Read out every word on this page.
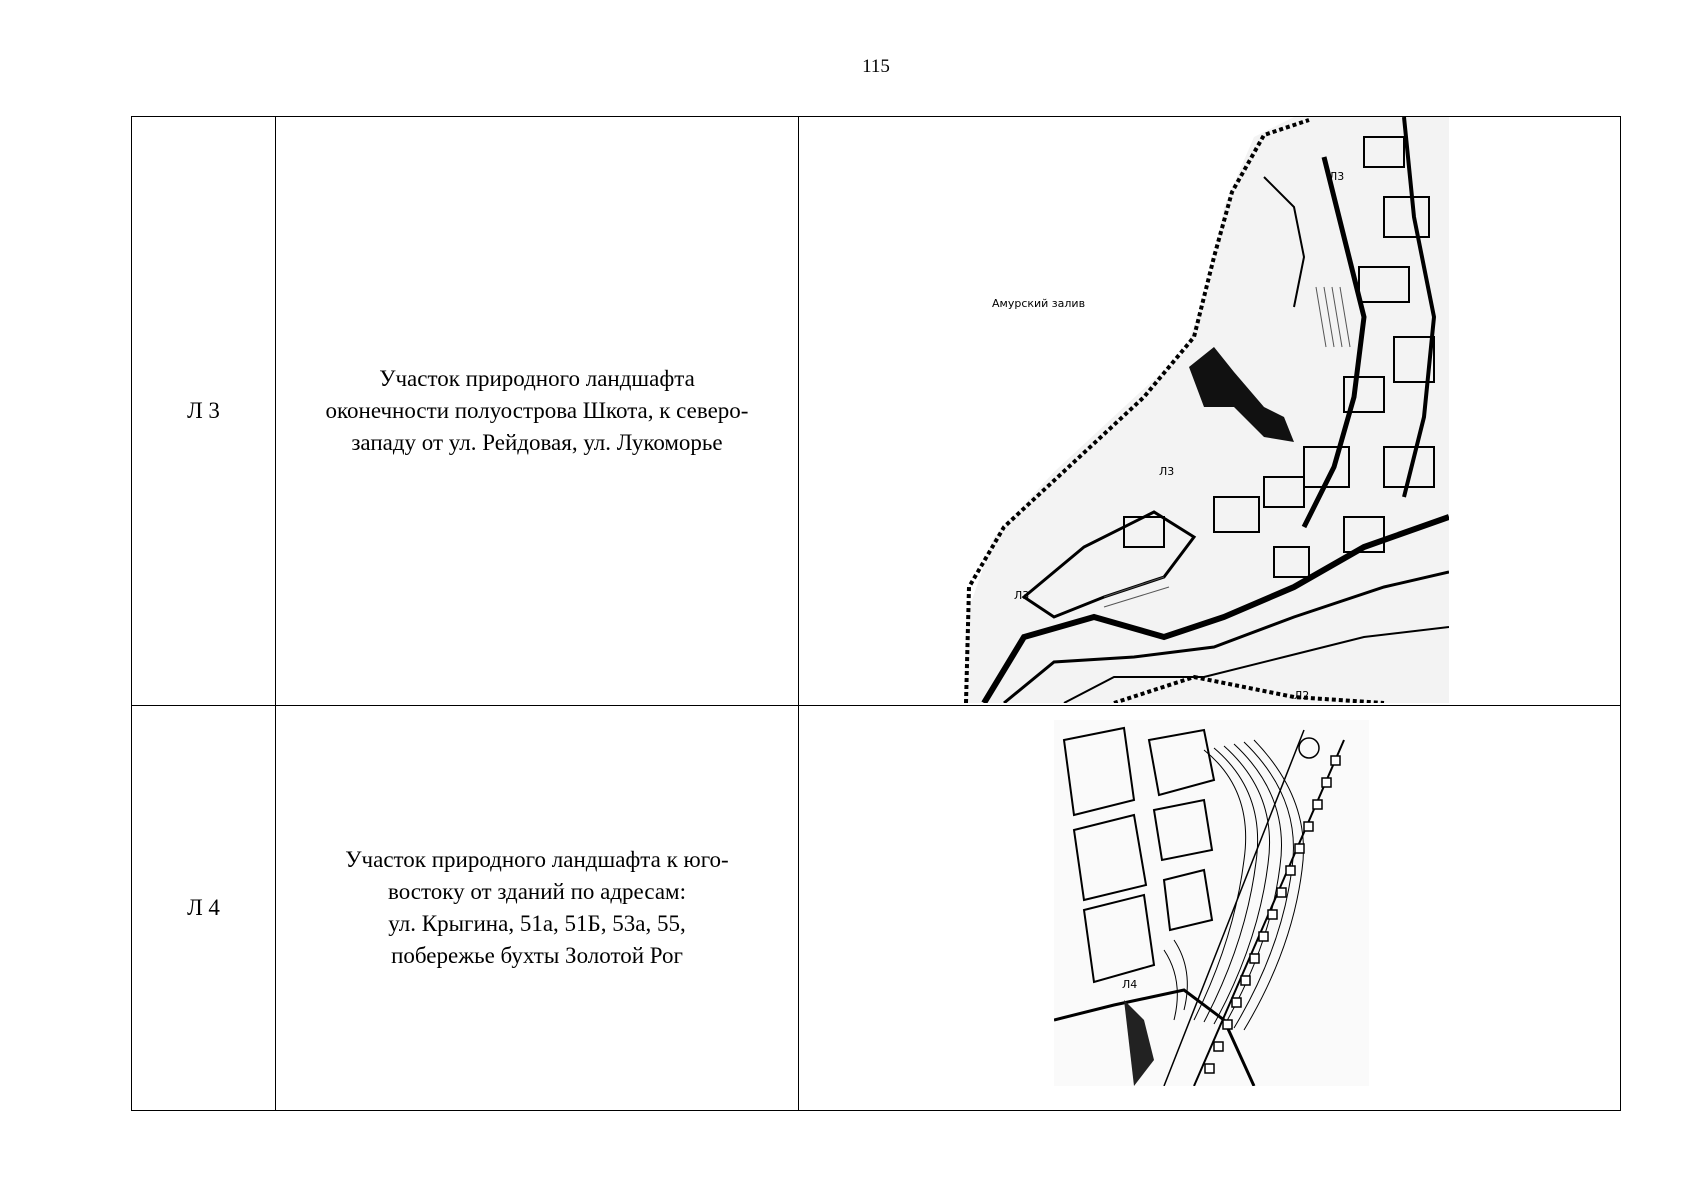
115
Л 3	Участок природного ландшафта
оконечности полуострова Шкота, к северо-
западу от ул. Рейдовая, ул. Лукоморье	Амурский залив
Л3
Л3
Л3
Л2

Л 4	Участок природного ландшафта к юго-
востоку от зданий по адресам:
ул. Крыгина, 51а, 51Б, 53а, 55,
побережье бухты Золотой Рог	Л4
